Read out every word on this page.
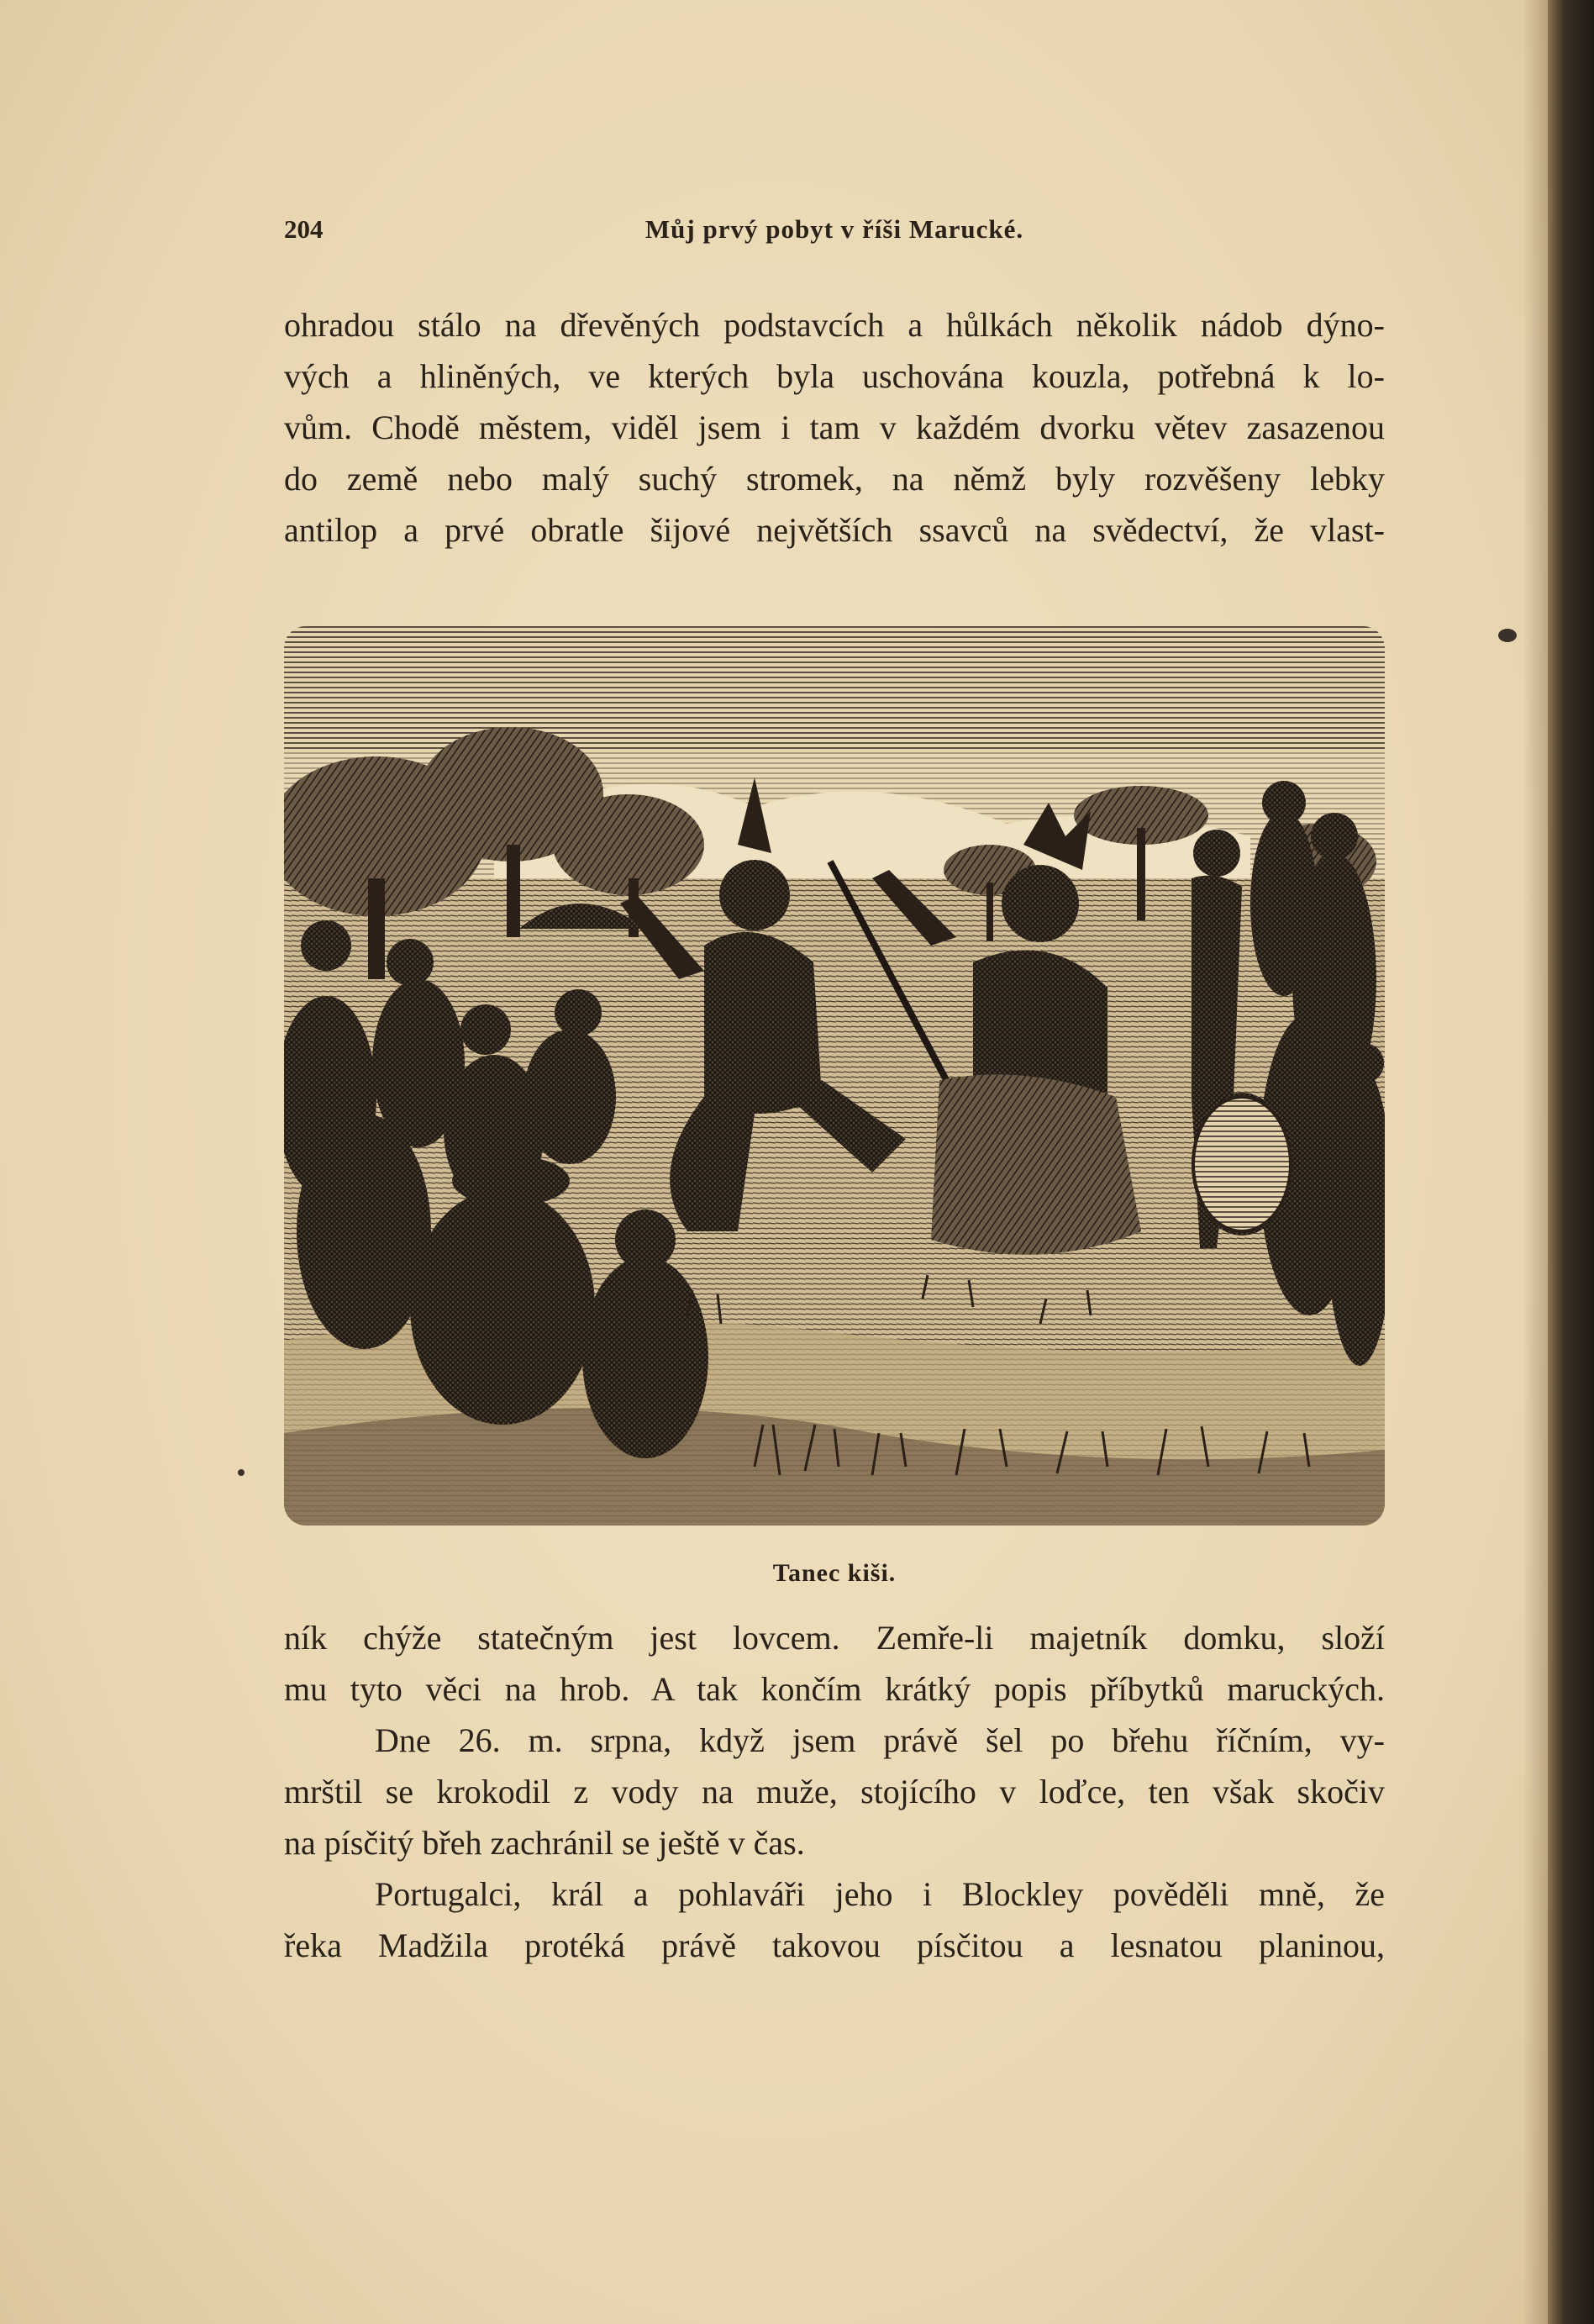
204	Můj prvý pobyt v říši Marucké.
ohradou stálo na dřevěných podstavcích a hůlkách několik nádob dýno-
vých a hliněných, ve kterých byla uschována kouzla, potřebná k lo-
vům. Chodě městem, viděl jsem i tam v každém dvorku větev zasazenou
do země nebo malý suchý stromek, na němž byly rozvěšeny lebky
antilop a prvé obratle šijové největších ssavců na svědectví, že vlast-
Tanec kiši.
ník chýže statečným jest lovcem. Zemře-li majetník domku, složí
mu tyto věci na hrob. A tak končím krátký popis příbytků maruckých.
Dne 26. m. srpna, když jsem právě šel po břehu říčním, vy-
mrštil se krokodil z vody na muže, stojícího v loďce, ten však skočiv
na písčitý břeh zachránil se ještě v čas.
Portugalci, král a pohlaváři jeho i Blockley pověděli mně, že
řeka Madžila protéká právě takovou písčitou a lesnatou planinou,
